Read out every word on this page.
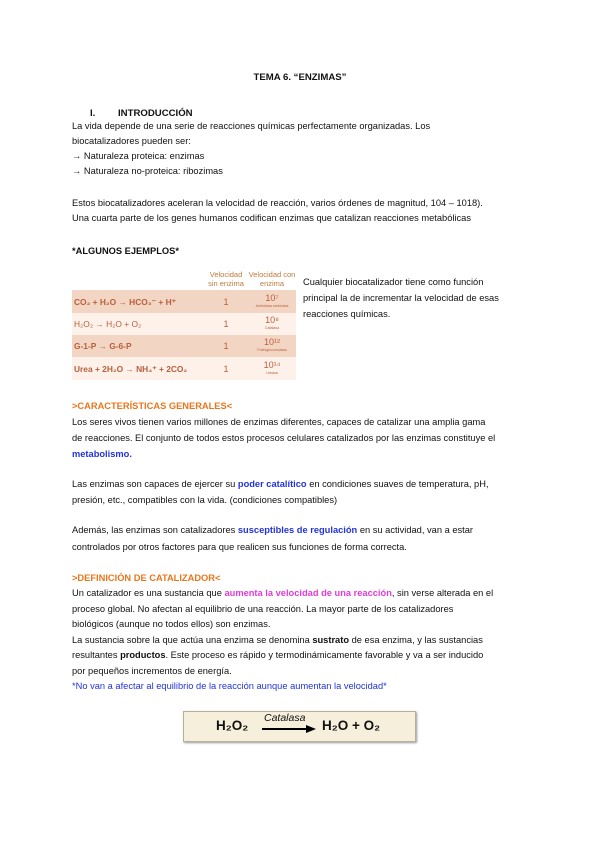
TEMA 6. “ENZIMAS”
I. INTRODUCCIÓN
La vida depende de una serie de reacciones químicas perfectamente organizadas. Los
biocatalizadores pueden ser:
→ Naturaleza proteica: enzimas
→ Naturaleza no-proteica: ribozimas
Estos biocatalizadores aceleran la velocidad de reacción, varios órdenes de magnitud, 104 – 1018).
Una cuarta parte de los genes humanos codifican enzimas que catalizan reacciones metabólicas
*ALGUNOS EJEMPLOS*
	Velocidad sin enzima	Velocidad con enzima
CO₂ + H₂O → HCO₃⁻ + H⁺	1	10⁷
Anhidrasa carbónica

H₂O₂ → H₂O + O₂	1	10⁸
Catalasa

G-1-P → G-6-P	1	10¹²
Fosfoglucomutasa

Urea + 2H₂O → NH₄⁺ + 2CO₂	1	10¹⁴
Ureasa
Cualquier biocatalizador tiene como función
principal la de incrementar la velocidad de esas
reacciones químicas.
>CARACTERÍSTICAS GENERALES<
Los seres vivos tienen varios millones de enzimas diferentes, capaces de catalizar una amplia gama
de reacciones. El conjunto de todos estos procesos celulares catalizados por las enzimas constituye el
metabolismo.
Las enzimas son capaces de ejercer su poder catalítico en condiciones suaves de temperatura, pH,
presión, etc., compatibles con la vida. (condiciones compatibles)
Además, las enzimas son catalizadores susceptibles de regulación en su actividad, van a estar
controlados por otros factores para que realicen sus funciones de forma correcta.
>DEFINICIÓN DE CATALIZADOR<
Un catalizador es una sustancia que aumenta la velocidad de una reacción, sin verse alterada en el
proceso global. No afectan al equilibrio de una reacción. La mayor parte de los catalizadores
biológicos (aunque no todos ellos) son enzimas.
La sustancia sobre la que actúa una enzima se denomina sustrato de esa enzima, y las sustancias
resultantes productos. Este proceso es rápido y termodinámicamente favorable y va a ser inducido
por pequeños incrementos de energía.
*No van a afectar al equilibrio de la reacción aunque aumentan la velocidad*
H₂O₂ Catalasa → H₂O + O₂
